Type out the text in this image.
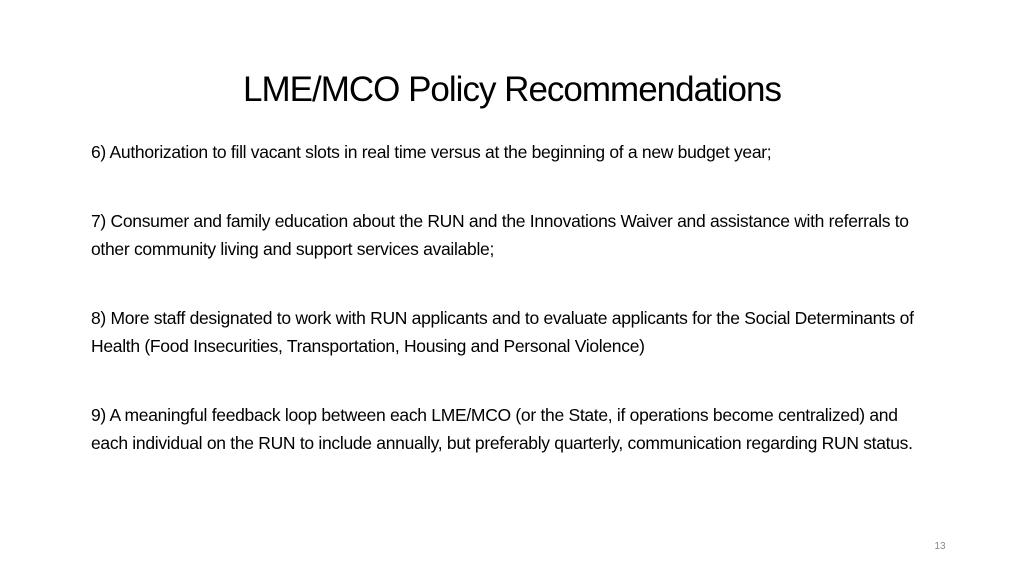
LME/MCO Policy Recommendations

6) Authorization to fill vacant slots in real time versus at the beginning of a new budget year;

7) Consumer and family education about the RUN and the Innovations Waiver and assistance with referrals to other community living and support services available;

8) More staff designated to work with RUN applicants and to evaluate applicants for the Social Determinants of Health (Food Insecurities, Transportation, Housing and Personal Violence)

9) A meaningful feedback loop between each LME/MCO (or the State, if operations become centralized) and each individual on the RUN to include annually, but preferably quarterly, communication regarding RUN status.

13
